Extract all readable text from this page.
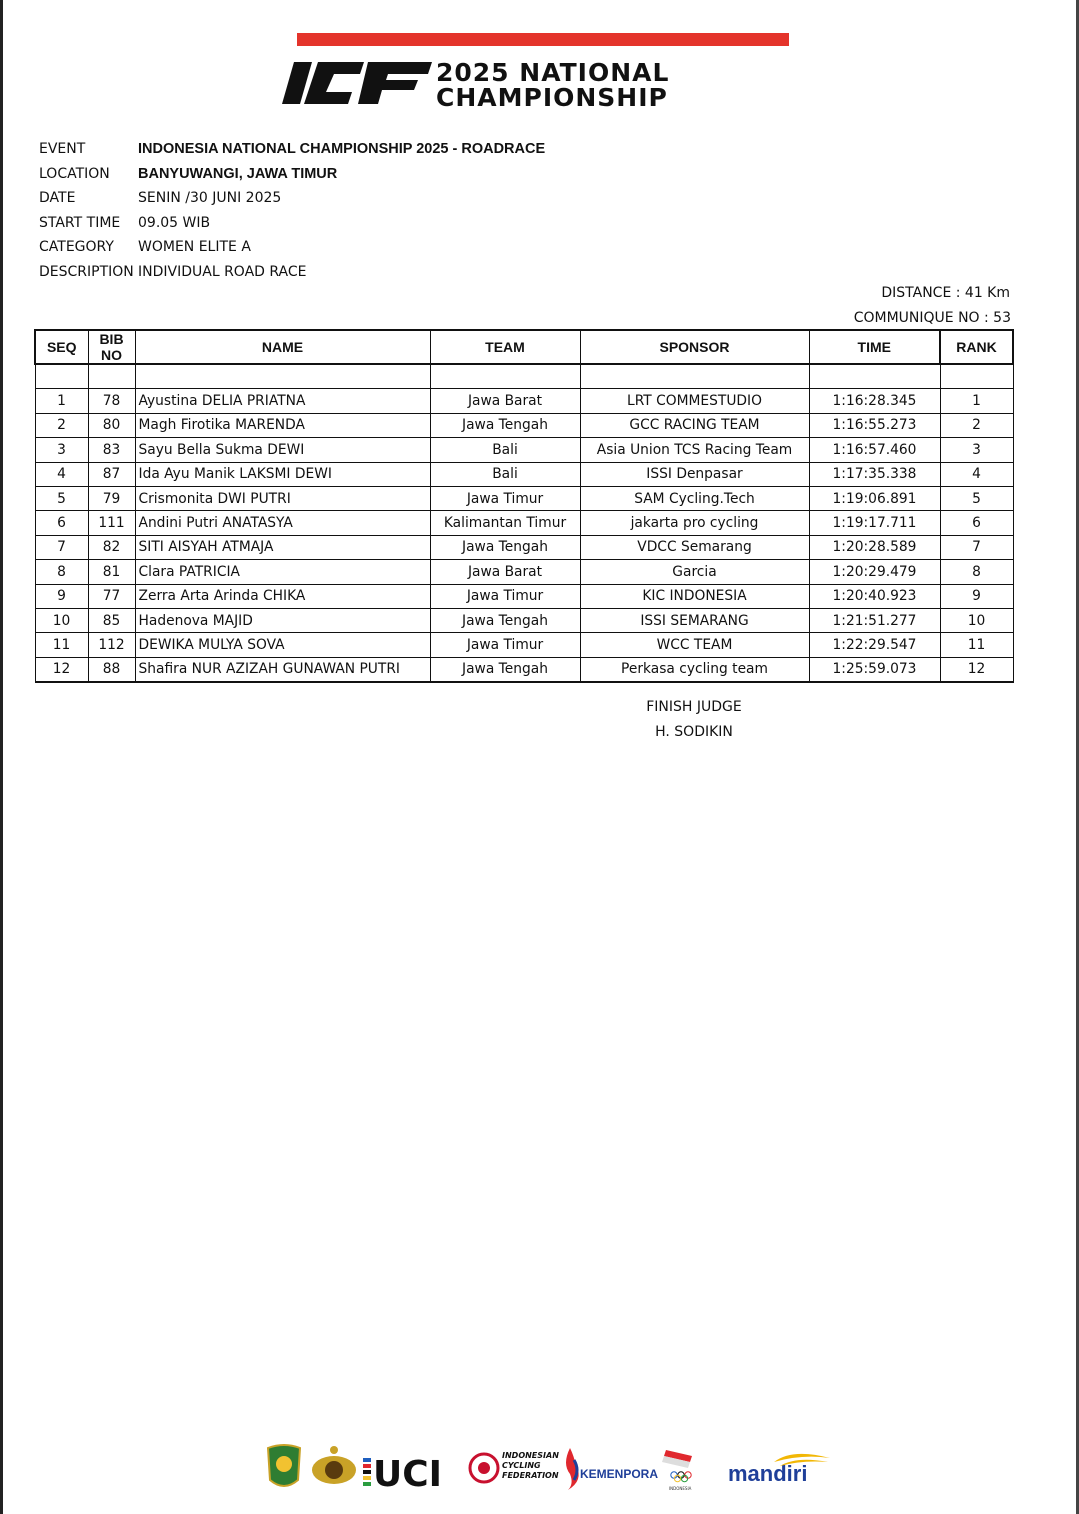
2025 NATIONAL
CHAMPIONSHIP
EVENT	INDONESIA NATIONAL CHAMPIONSHIP 2025 - ROADRACE
LOCATION	BANYUWANGI, JAWA TIMUR
DATE	SENIN /30 JUNI 2025
START TIME	09.05 WIB
CATEGORY	WOMEN ELITE A
DESCRIPTION INDIVIDUAL ROAD RACE
DISTANCE : 41 Km
COMMUNIQUE NO : 53
SEQ	BIB NO	NAME	TEAM	SPONSOR	TIME	RANK

1	78	Ayustina DELIA PRIATNA	Jawa Barat	LRT COMMESTUDIO	1:16:28.345	1
2	80	Magh Firotika MARENDA	Jawa Tengah	GCC RACING TEAM	1:16:55.273	2
3	83	Sayu Bella Sukma DEWI	Bali	Asia Union TCS Racing Team	1:16:57.460	3
4	87	Ida Ayu Manik LAKSMI DEWI	Bali	ISSI Denpasar	1:17:35.338	4
5	79	Crismonita DWI PUTRI	Jawa Timur	SAM Cycling.Tech	1:19:06.891	5
6	111	Andini Putri ANATASYA	Kalimantan Timur	jakarta pro cycling	1:19:17.711	6
7	82	SITI AISYAH ATMAJA	Jawa Tengah	VDCC Semarang	1:20:28.589	7
8	81	Clara PATRICIA	Jawa Barat	Garcia	1:20:29.479	8
9	77	Zerra Arta Arinda CHIKA	Jawa Timur	KIC INDONESIA	1:20:40.923	9
10	85	Hadenova MAJID	Jawa Tengah	ISSI SEMARANG	1:21:51.277	10
11	112	DEWIKA MULYA SOVA	Jawa Timur	WCC TEAM	1:22:29.547	11
12	88	Shafira NUR AZIZAH GUNAWAN PUTRI	Jawa Tengah	Perkasa cycling team	1:25:59.073	12
FINISH JUDGE
H. SODIKIN
UCI	INDONESIAN
CYCLING
FEDERATION KEMENPORA
INDONESIA
mandiri
